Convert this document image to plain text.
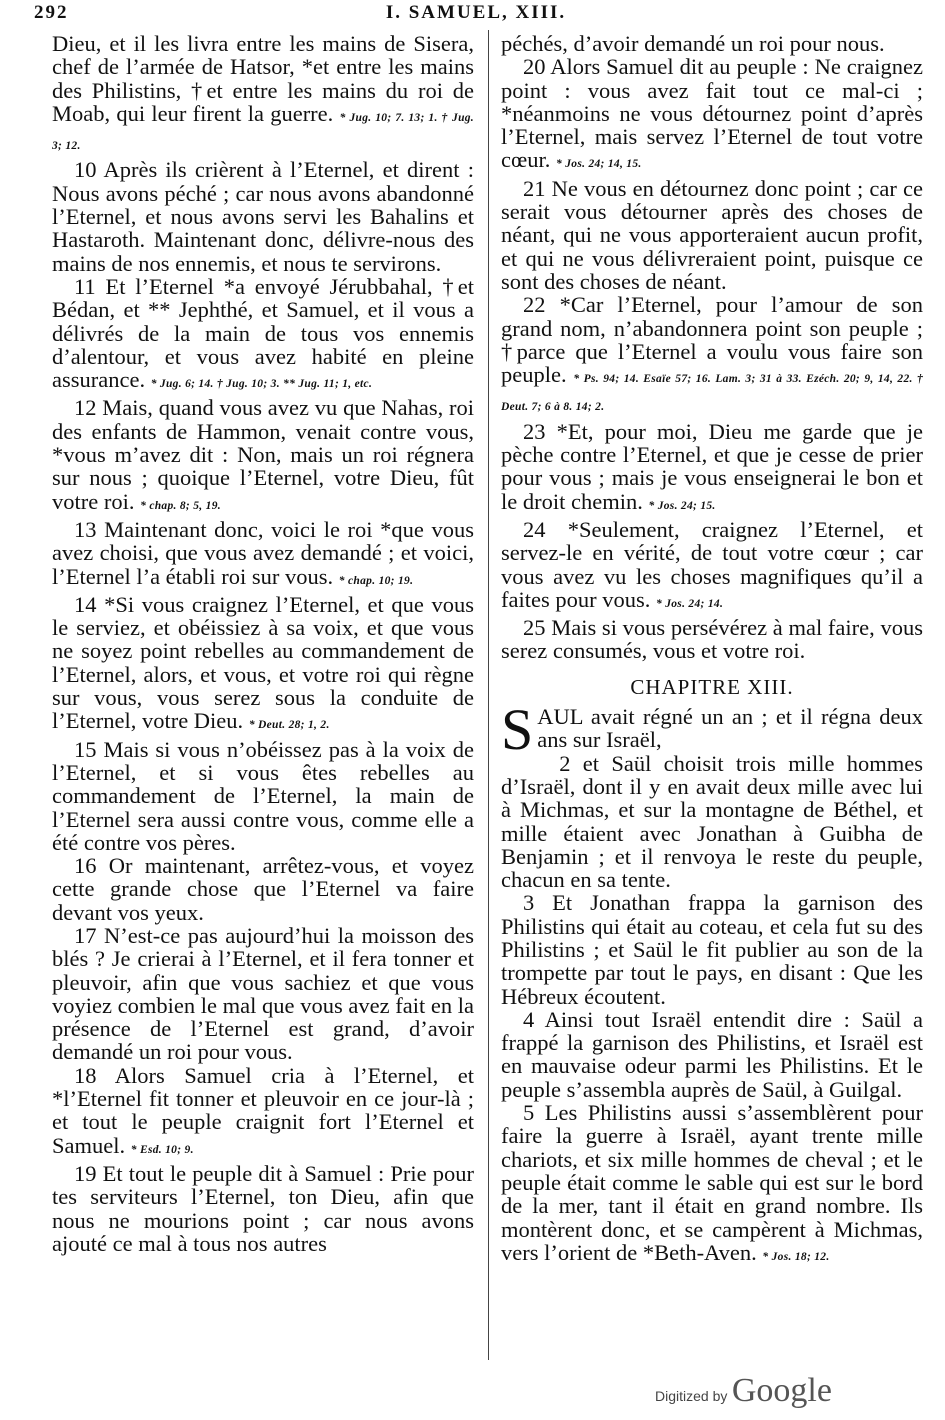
292	I. SAMUEL, XIII.

Dieu, et il les livra entre les mains de Sisera, chef de l’armée de Hatsor, *et entre les mains des Philistins, †et entre les mains du roi de Moab, qui leur firent la guerre. * Jug. 10; 7. 13; 1. † Jug. 3; 12.

10 Après ils crièrent à l’Eternel, et dirent : Nous avons péché ; car nous avons abandonné l’Eternel, et nous avons servi les Bahalins et Hastaroth. Maintenant donc, délivre-nous des mains de nos ennemis, et nous te servirons.

11 Et l’Eternel *a envoyé Jérubbahal, †et Bédan, et ** Jephthé, et Samuel, et il vous a délivrés de la main de tous vos ennemis d’alentour, et vous avez habité en pleine assurance. * Jug. 6; 14. † Jug. 10; 3. ** Jug. 11; 1, etc.

12 Mais, quand vous avez vu que Nahas, roi des enfants de Hammon, venait contre vous, *vous m’avez dit : Non, mais un roi régnera sur nous ; quoique l’Eternel, votre Dieu, fût votre roi. * chap. 8; 5, 19.

13 Maintenant donc, voici le roi *que vous avez choisi, que vous avez demandé ; et voici, l’Eternel l’a établi roi sur vous. * chap. 10; 19.

14 *Si vous craignez l’Eternel, et que vous le serviez, et obéissiez à sa voix, et que vous ne soyez point rebelles au commandement de l’Eternel, alors, et vous, et votre roi qui règne sur vous, vous serez sous la conduite de l’Eternel, votre Dieu. * Deut. 28; 1, 2.

15 Mais si vous n’obéissez pas à la voix de l’Eternel, et si vous êtes rebelles au commandement de l’Eternel, la main de l’Eternel sera aussi contre vous, comme elle a été contre vos pères.

16 Or maintenant, arrêtez-vous, et voyez cette grande chose que l’Eternel va faire devant vos yeux.

17 N’est-ce pas aujourd’hui la moisson des blés ? Je crierai à l’Eternel, et il fera tonner et pleuvoir, afin que vous sachiez et que vous voyiez combien le mal que vous avez fait en la présence de l’Eternel est grand, d’avoir demandé un roi pour vous.

18 Alors Samuel cria à l’Eternel, et *l’Eternel fit tonner et pleuvoir en ce jour-là ; et tout le peuple craignit fort l’Eternel et Samuel. * Esd. 10; 9.

19 Et tout le peuple dit à Samuel : Prie pour tes serviteurs l’Eternel, ton Dieu, afin que nous ne mourions point ; car nous avons ajouté ce mal à tous nos autres

péchés, d’avoir demandé un roi pour nous.

20 Alors Samuel dit au peuple : Ne craignez point : vous avez fait tout ce mal-ci ; *néanmoins ne vous détournez point d’après l’Eternel, mais servez l’Eternel de tout votre cœur. * Jos. 24; 14, 15.

21 Ne vous en détournez donc point ; car ce serait vous détourner après des choses de néant, qui ne vous apporteraient aucun profit, et qui ne vous délivreraient point, puisque ce sont des choses de néant.

22 *Car l’Eternel, pour l’amour de son grand nom, n’abandonnera point son peuple ; †parce que l’Eternel a voulu vous faire son peuple. * Ps. 94; 14. Esaïe 57; 16. Lam. 3; 31 à 33. Ezéch. 20; 9, 14, 22. † Deut. 7; 6 à 8. 14; 2.

23 *Et, pour moi, Dieu me garde que je pèche contre l’Eternel, et que je cesse de prier pour vous ; mais je vous enseignerai le bon et le droit chemin. * Jos. 24; 15.

24 *Seulement, craignez l’Eternel, et servez-le en vérité, de tout votre cœur ; car vous avez vu les choses magnifiques qu’il a faites pour vous. * Jos. 24; 14.

25 Mais si vous persévérez à mal faire, vous serez consumés, vous et votre roi.

CHAPITRE XIII.

SAUL avait régné un an ; et il régna deux ans sur Israël,

2 et Saül choisit trois mille hommes d’Israël, dont il y en avait deux mille avec lui à Michmas, et sur la montagne de Béthel, et mille étaient avec Jonathan à Guibha de Benjamin ; et il renvoya le reste du peuple, chacun en sa tente.

3 Et Jonathan frappa la garnison des Philistins qui était au coteau, et cela fut su des Philistins ; et Saül le fit publier au son de la trompette par tout le pays, en disant : Que les Hébreux écoutent.

4 Ainsi tout Israël entendit dire : Saül a frappé la garnison des Philistins, et Israël est en mauvaise odeur parmi les Philistins. Et le peuple s’assembla auprès de Saül, à Guilgal.

5 Les Philistins aussi s’assemblèrent pour faire la guerre à Israël, ayant trente mille chariots, et six mille hommes de cheval ; et le peuple était comme le sable qui est sur le bord de la mer, tant il était en grand nombre. Ils montèrent donc, et se campèrent à Michmas, vers l’orient de *Beth-Aven. * Jos. 18; 12.

Digitized by Google
